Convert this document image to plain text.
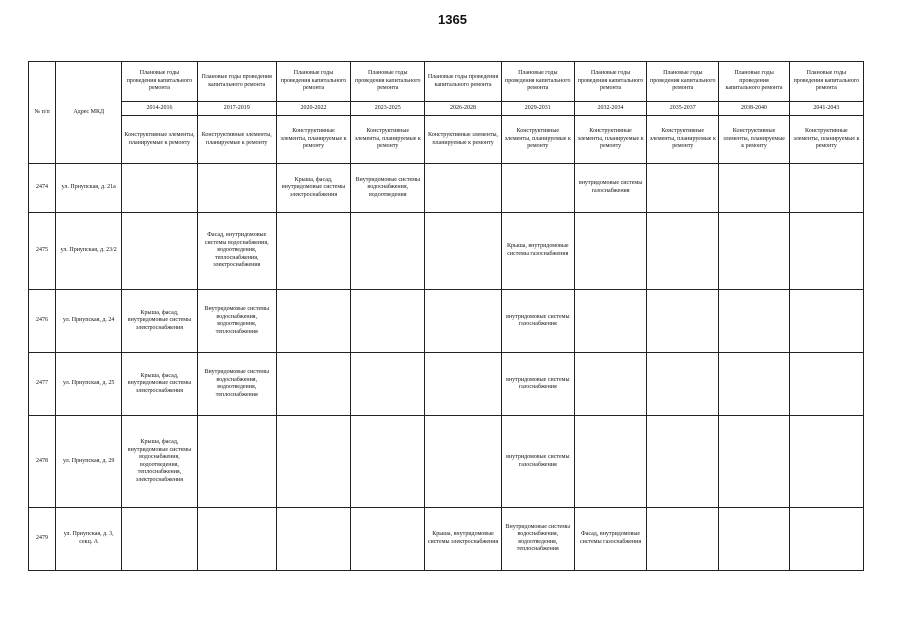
1365
№ п/п	Адрес МКД	Плановые годы проведения капитального ремонта	Плановые годы проведения капитального ремонта	Плановые годы проведения капитального ремонта	Плановые годы проведения капитального ремонта	Плановые годы проведения капитального ремонта	Плановые годы проведения капитального ремонта	Плановые годы проведения капитального ремонта	Плановые годы проведения капитального ремонта	Плановые годы проведения капитального ремонта	Плановые годы проведения капитального ремонта
		2014-2016	2017-2019	2020-2022	2023-2025	2026-2028	2029-2031	2032-2034	2035-2037	2038-2040	2041-2043
		Конструктивные элементы, планируемые к ремонту	Конструктивные элементы, планируемые к ремонту	Конструктивные элементы, планируемые к ремонту	Конструктивные элементы, планируемые к ремонту	Конструктивные элементы, планируемые к ремонту	Конструктивные элементы, планируемые к ремонту	Конструктивные элементы, планируемые к ремонту	Конструктивные элементы, планируемые к ремонту	Конструктивные элементы, планируемые к ремонту	Конструктивные элементы, планируемые к ремонту
2474	ул. Прнупская, д. 21а			Крыша, фасад, внутридомовые системы электроснабжения	Внутридомовые системы водоснабжения, водоотведения			внутридомовые системы газоснабжения			
2475	ул. Приупская, д. 23/2		Фасад, внутридомовые системы водоснабжения, водоотведения, теплоснабжения, электроснабжения				Крыша, внутридомовые системы газоснабжения				
2476	ул. Приупская, д. 24	Крыша, фасад, внутридомовые системы электроснабжения	Внутридомовые системы водоснабжения, водоотведения, теплоснабжения				внутридомовые системы газоснабжения				
2477	ул. Приупская, д. 25	Крыша, фасад, внутридомовые системы электроснабжения	Внутридомовые системы водоснабжения, водоотведения, теплоснабжения				внутридомовые системы газоснабжения				
2478	ул. Приупская, д. 29	Крыша, фасад, внутридомовые системы водоснабжения, водоотведения, теплоснабжения, электроснабжения					внутридомовые системы газоснабжения				
2479	ул. Приупская, д. 3, секц. А					Крыша, внутридомовые системы электроснабжения	Внутридомовые системы водоснабжения, водоотведения, теплоснабжения	Фасад, внутридомовые системы газоснабжения			
